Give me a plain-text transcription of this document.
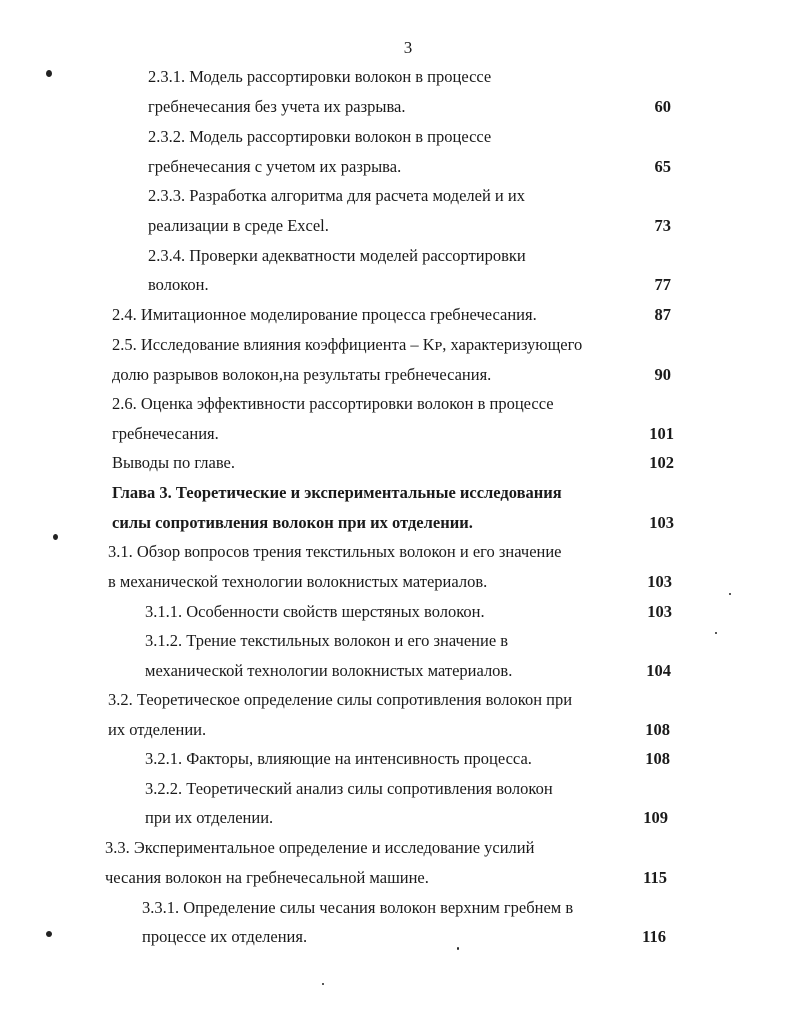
3
2.3.1. Модель рассортировки волокон в процессе
гребнечесания без учета их разрыва.	60
2.3.2. Модель рассортировки волокон в процессе
гребнечесания с учетом их разрыва.	65
2.3.3. Разработка алгоритма для расчета моделей и их
реализации в среде Excel.	73
2.3.4. Проверки адекватности моделей рассортировки
волокон.	77
2.4. Имитационное моделирование процесса гребнечесания.	87
2.5. Исследование влияния коэффициента – Kᴘ, характеризующего
долю разрывов волокон,на результаты гребнечесания.	90
2.6. Оценка эффективности рассортировки волокон в процессе
гребнечесания.	101
Выводы по главе.	102
Глава 3. Теоретические и экспериментальные исследования
силы сопротивления волокон при их отделении.	103
3.1. Обзор вопросов трения текстильных волокон и его значение
в механической технологии волокнистых материалов.	103
3.1.1. Особенности свойств шерстяных волокон.	103
3.1.2. Трение текстильных волокон и его значение в
механической технологии волокнистых материалов.	104
3.2. Теоретическое определение силы сопротивления волокон при
их отделении.	108
3.2.1. Факторы, влияющие на интенсивность процесса.	108
3.2.2. Теоретический анализ силы сопротивления волокон
при их отделении.	109
3.3. Экспериментальное определение и исследование усилий
чесания волокон на гребнечесальной машине.	115
3.3.1. Определение силы чесания волокон верхним гребнем в
процессе их отделения.	116
